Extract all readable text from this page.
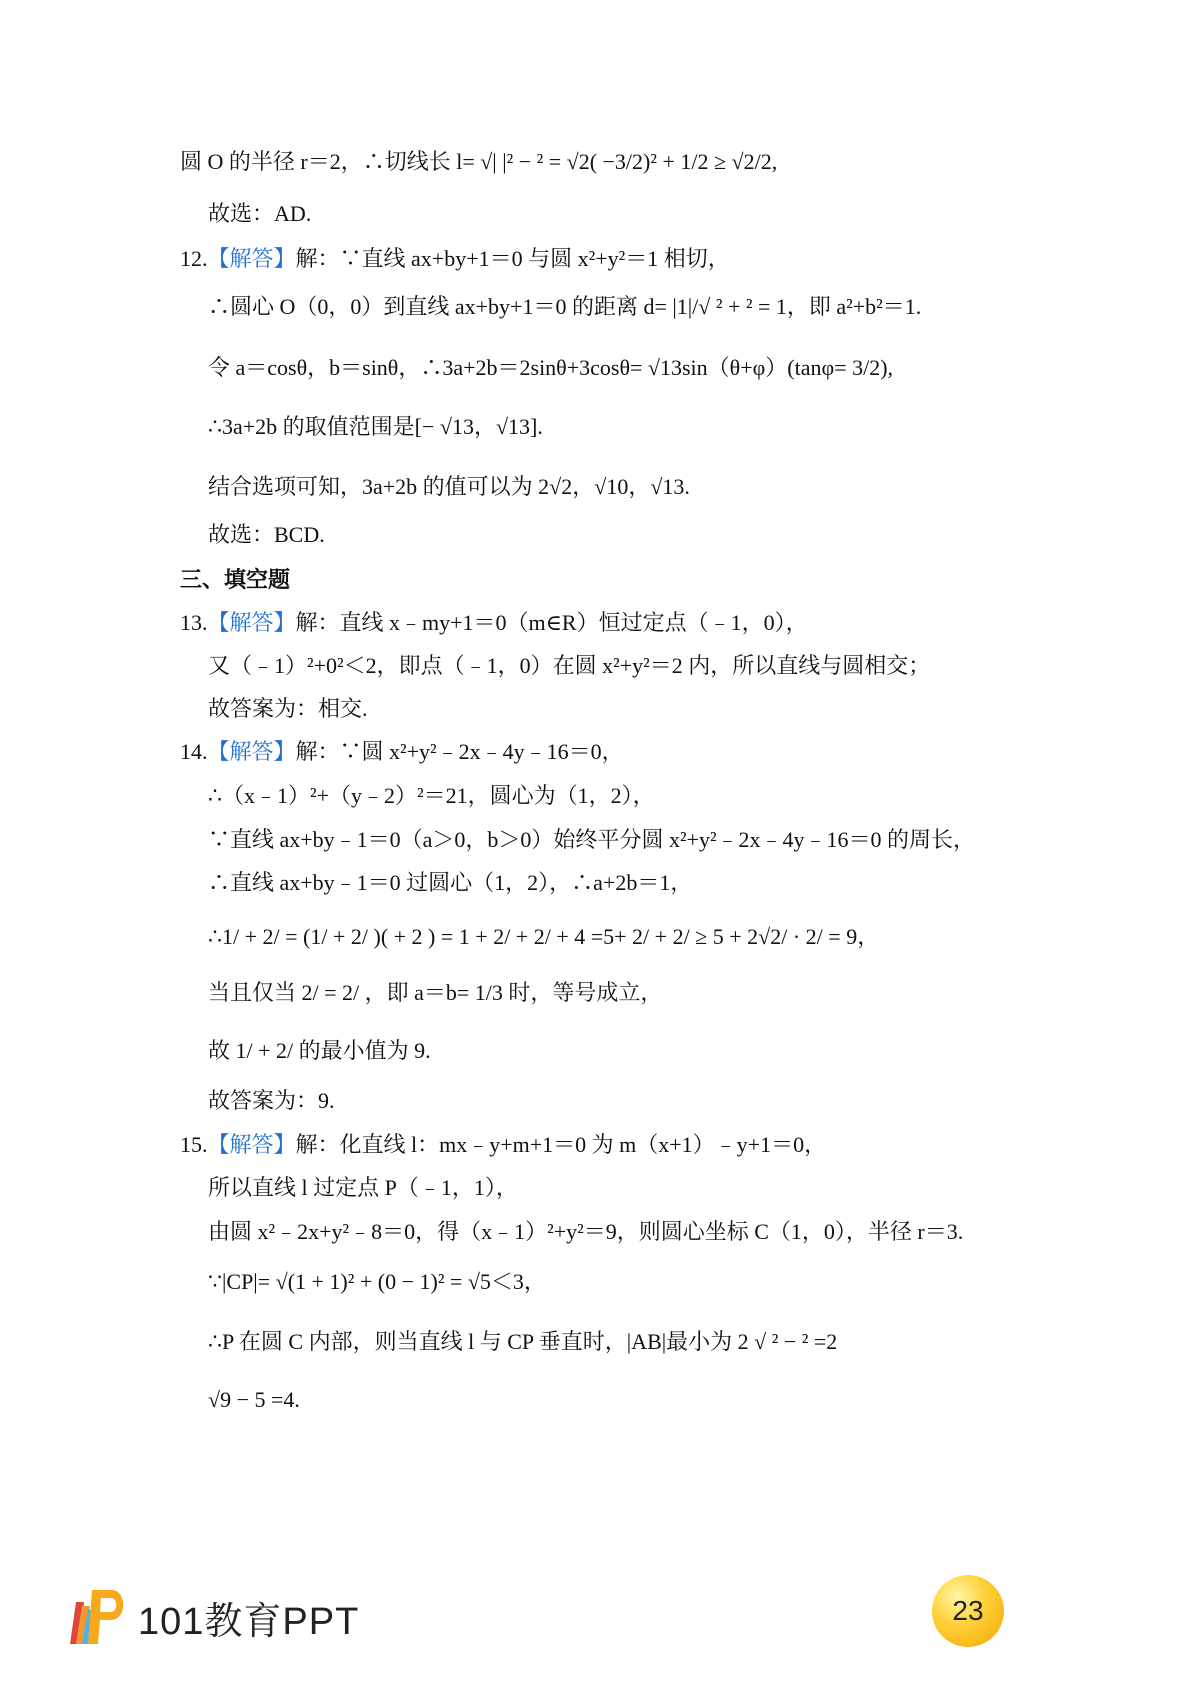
圆 O 的半径 r＝2，∴切线长 l= √| |² − ² = √2( −3/2)² + 1/2 ≥ √2/2,
故选：AD.
12.【解答】解：∵直线 ax+by+1＝0 与圆 x²+y²＝1 相切，
∴圆心 O（0，0）到直线 ax+by+1＝0 的距离 d= |1|/√ ² + ² = 1，即 a²+b²＝1.
令 a＝cosθ，b＝sinθ，∴3a+2b＝2sinθ+3cosθ= √13sin（θ+φ）(tanφ= 3/2),
∴3a+2b 的取值范围是[− √13，√13].
结合选项可知，3a+2b 的值可以为 2√2，√10，√13.
故选：BCD.
三、填空题
13.【解答】解：直线 x﹣my+1＝0（m∈R）恒过定点（﹣1，0），
又（﹣1）²+0²＜2，即点（﹣1，0）在圆 x²+y²＝2 内，所以直线与圆相交；
故答案为：相交.
14.【解答】解：∵圆 x²+y²﹣2x﹣4y﹣16＝0，
∴（x﹣1）²+（y﹣2）²＝21，圆心为（1，2），
∵直线 ax+by﹣1＝0（a＞0，b＞0）始终平分圆 x²+y²﹣2x﹣4y﹣16＝0 的周长，
∴直线 ax+by﹣1＝0 过圆心（1，2），∴a+2b＝1，
∴1/ + 2/ = (1/ + 2/ )( + 2 ) = 1 + 2/ + 2/ + 4 =5+ 2/ + 2/ ≥ 5 + 2√2/ · 2/ = 9，
当且仅当 2/ = 2/ ，即 a＝b= 1/3 时，等号成立，
故 1/ + 2/ 的最小值为 9.
故答案为：9.
15.【解答】解：化直线 l：mx﹣y+m+1＝0 为 m（x+1）﹣y+1＝0，
所以直线 l 过定点 P（﹣1，1），
由圆 x²﹣2x+y²﹣8＝0，得（x﹣1）²+y²＝9，则圆心坐标 C（1，0），半径 r＝3.
∵|CP|= √(1 + 1)² + (0 − 1)² = √5＜3，
∴P 在圆 C 内部，则当直线 l 与 CP 垂直时，|AB|最小为 2 √ ² − ² =2
√9 − 5 =4.
101教育PPT	23
